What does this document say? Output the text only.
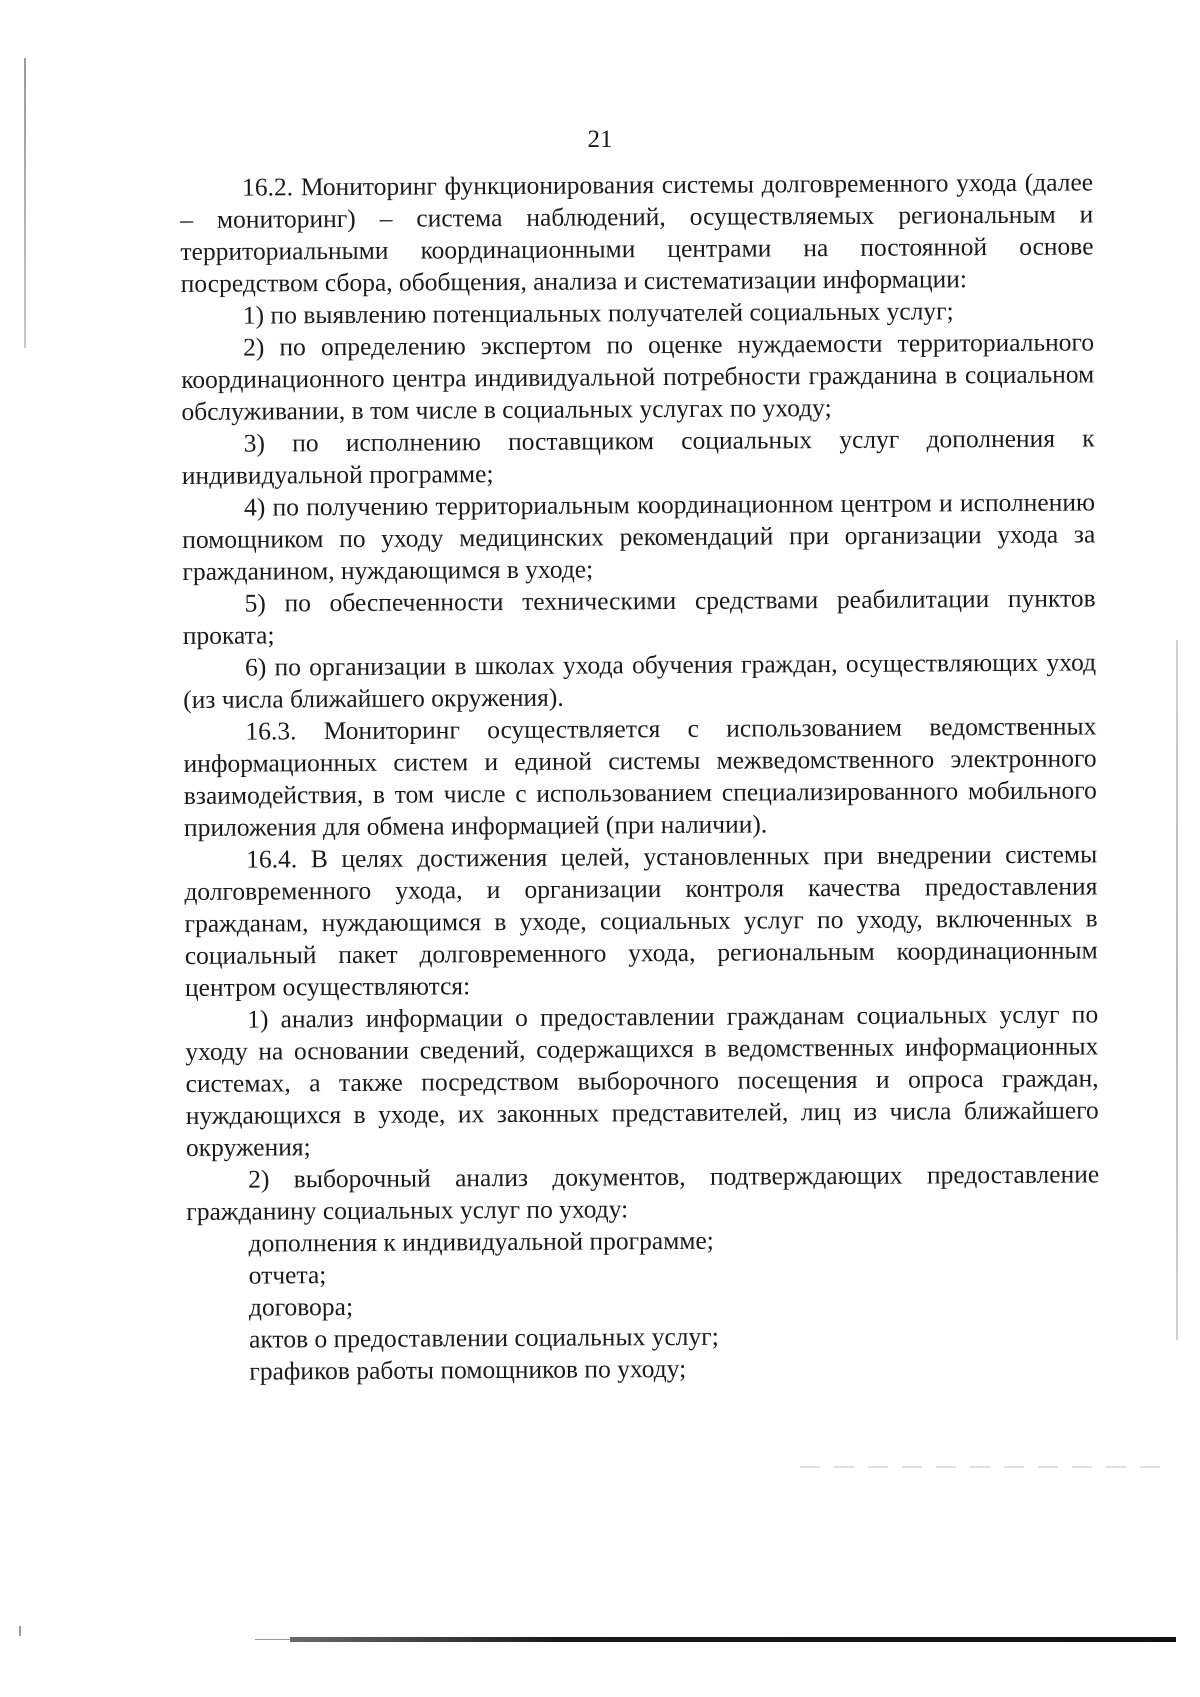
21

16.2. Мониторинг функционирования системы долговременного ухода (далее – мониторинг) – система наблюдений, осуществляемых региональным и территориальными координационными центрами на постоянной основе посредством сбора, обобщения, анализа и систематизации информации:

1) по выявлению потенциальных получателей социальных услуг;

2) по определению экспертом по оценке нуждаемости территориального координационного центра индивидуальной потребности гражданина в социальном обслуживании, в том числе в социальных услугах по уходу;

3) по исполнению поставщиком социальных услуг дополнения к индивидуальной программе;

4) по получению территориальным координационном центром и исполнению помощником по уходу медицинских рекомендаций при организации ухода за гражданином, нуждающимся в уходе;

5) по обеспеченности техническими средствами реабилитации пунктов проката;

6) по организации в школах ухода обучения граждан, осуществляющих уход (из числа ближайшего окружения).

16.3. Мониторинг осуществляется с использованием ведомственных информационных систем и единой системы межведомственного электронного взаимодействия, в том числе с использованием специализированного мобильного приложения для обмена информацией (при наличии).

16.4. В целях достижения целей, установленных при внедрении системы долговременного ухода, и организации контроля качества предоставления гражданам, нуждающимся в уходе, социальных услуг по уходу, включенных в социальный пакет долговременного ухода, региональным координационным центром осуществляются:

1) анализ информации о предоставлении гражданам социальных услуг по уходу на основании сведений, содержащихся в ведомственных информационных системах, а также посредством выборочного посещения и опроса граждан, нуждающихся в уходе, их законных представителей, лиц из числа ближайшего окружения;

2) выборочный анализ документов, подтверждающих предоставление гражданину социальных услуг по уходу:

дополнения к индивидуальной программе;

отчета;

договора;

актов о предоставлении социальных услуг;

графиков работы помощников по уходу;
